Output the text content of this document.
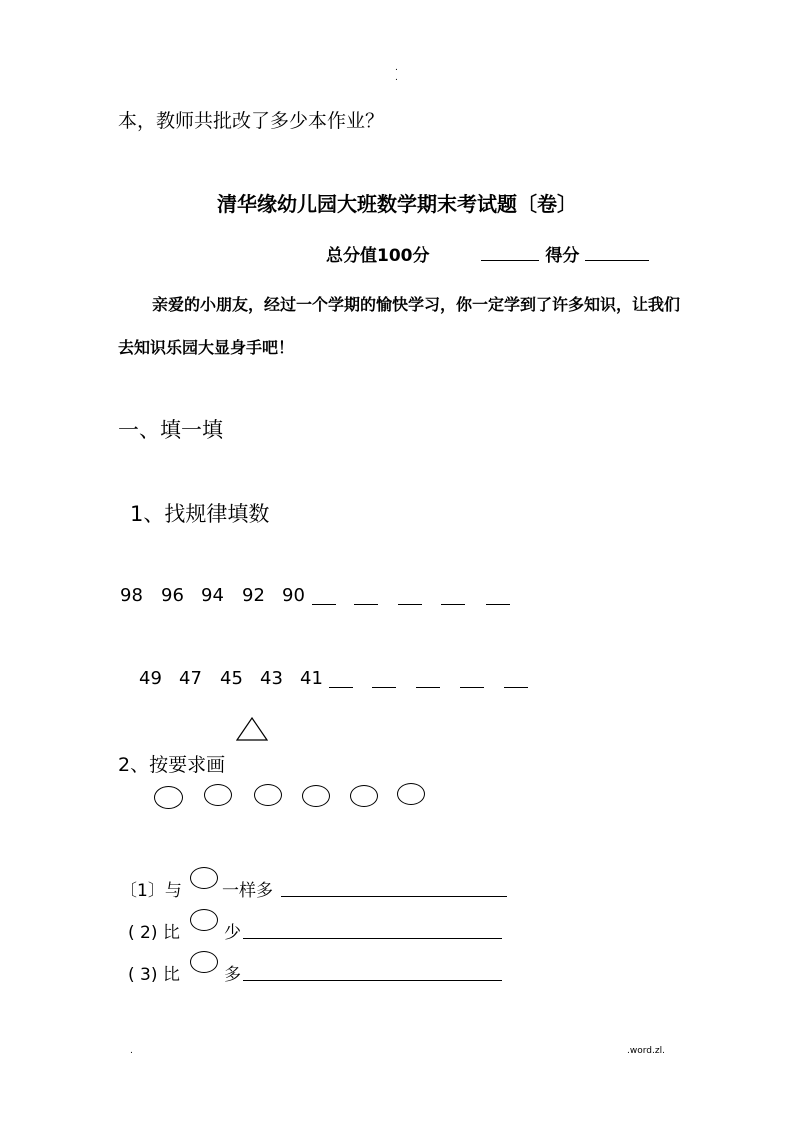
.
.
本，教师共批改了多少本作业？
清华缘幼儿园大班数学期末考试题〔卷〕
总分值100分	得分
亲爱的小朋友，经过一个学期的愉快学习，你一定学到了许多知识，让我们
去知识乐园大显身手吧！
一、填一填
1、找规律填数
98 96 94 92 90
49 47 45 43 41
2、按要求画
〔1〕与 一样多
( 2) 比	少
( 3) 比	多
.	.word.zl.
